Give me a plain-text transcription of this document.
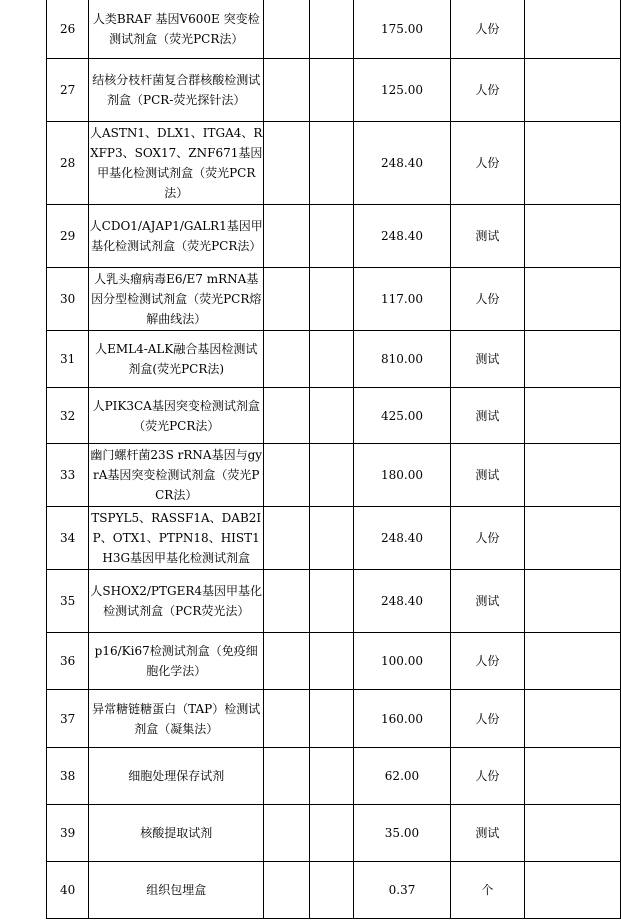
26	人类BRAF 基因V600E 突变检测试剂盒（荧光PCR法）			175.00	人份	
27	结核分枝杆菌复合群核酸检测试剂盒（PCR-荧光探针法）			125.00	人份	
28	人ASTN1、DLX1、ITGA4、RXFP3、SOX17、ZNF671基因甲基化检测试剂盒（荧光PCR法）			248.40	人份	
29	人CDO1/AJAP1/GALR1基因甲基化检测试剂盒（荧光PCR法）			248.40	测试	
30	人乳头瘤病毒E6/E7 mRNA基因分型检测试剂盒（荧光PCR熔解曲线法）			117.00	人份	
31	人EML4-ALK融合基因检测试剂盒(荧光PCR法)			810.00	测试	
32	人PIK3CA基因突变检测试剂盒（荧光PCR法）			425.00	测试	
33	幽门螺杆菌23S rRNA基因与gyrA基因突变检测试剂盒（荧光PCR法）			180.00	测试	
34	TSPYL5、RASSF1A、DAB2IP、OTX1、PTPN18、HIST1H3G基因甲基化检测试剂盒			248.40	人份	
35	人SHOX2/PTGER4基因甲基化检测试剂盒（PCR荧光法）			248.40	测试	
36	p16/Ki67检测试剂盒（免疫细胞化学法）			100.00	人份	
37	异常糖链糖蛋白（TAP）检测试剂盒（凝集法）			160.00	人份	
38	细胞处理保存试剂			62.00	人份	
39	核酸提取试剂			35.00	测试	
40	组织包埋盒			0.37	个	
